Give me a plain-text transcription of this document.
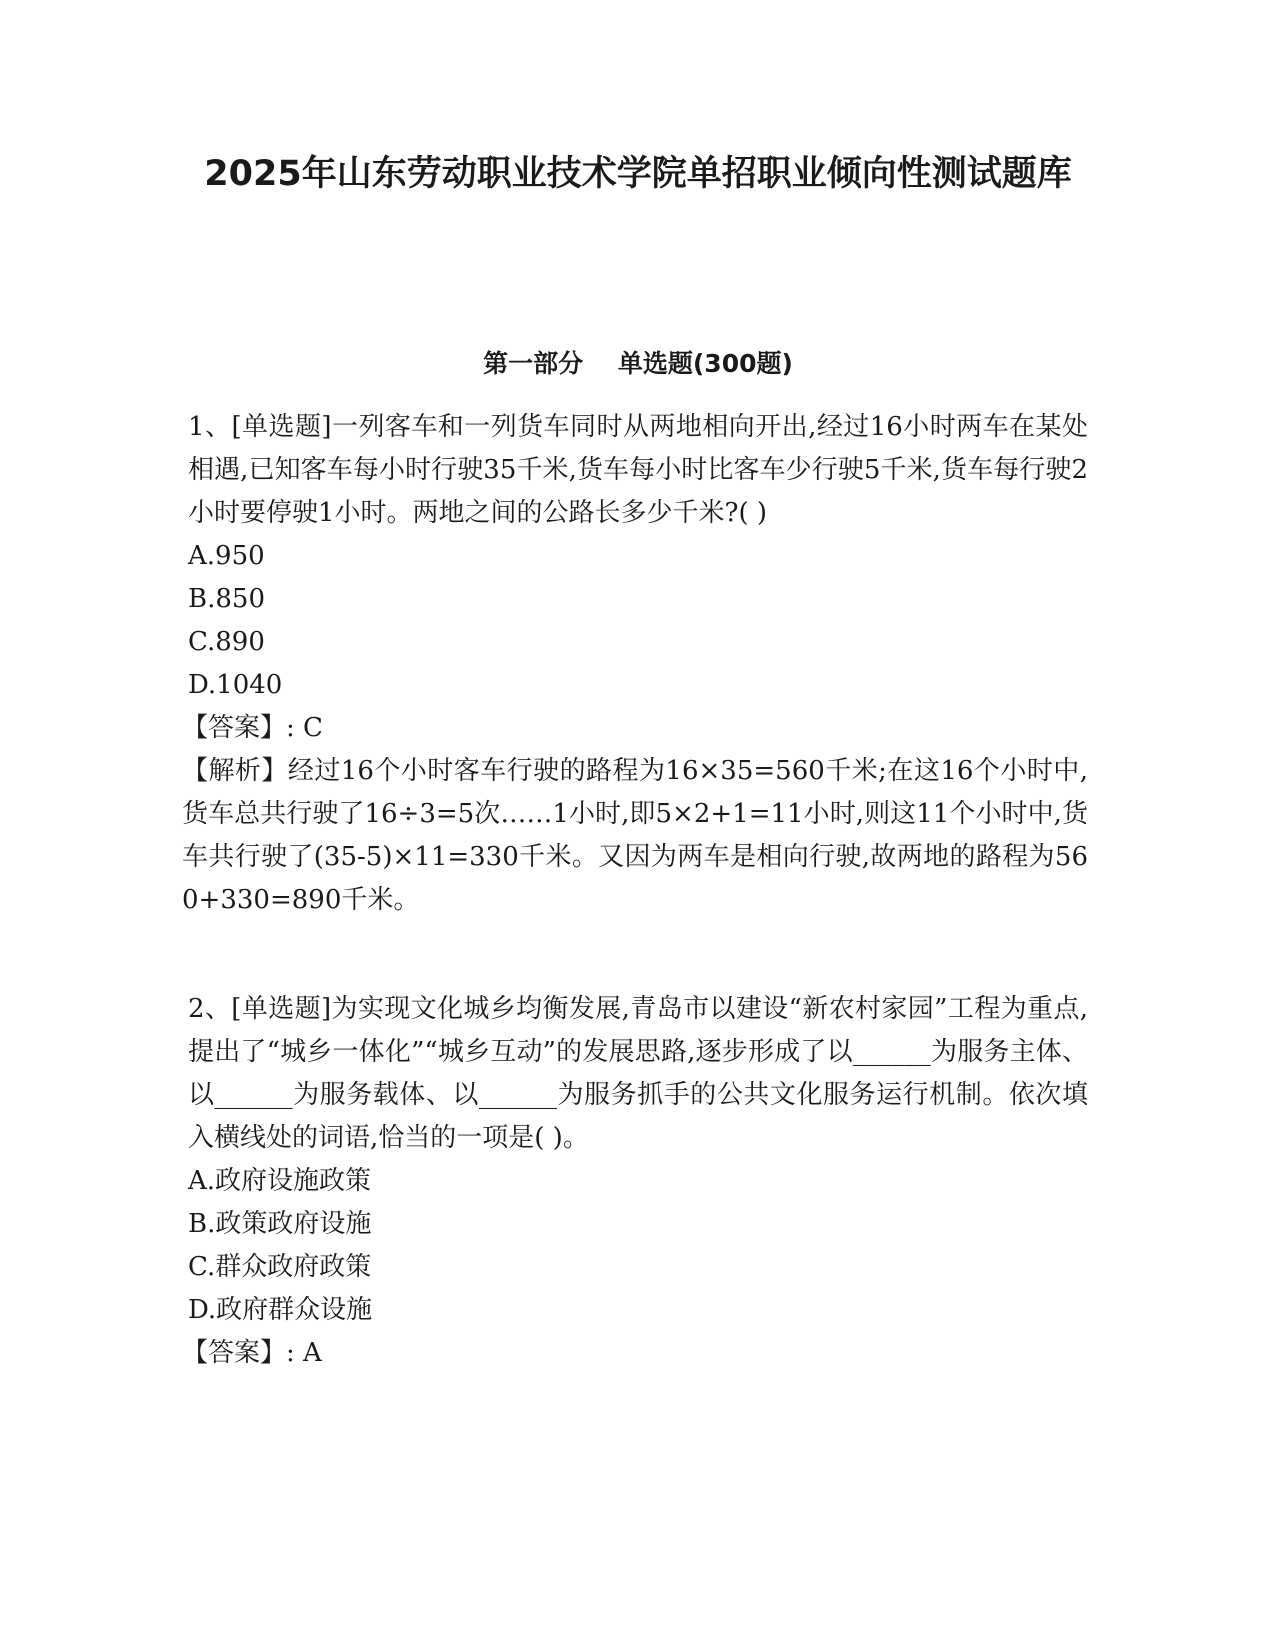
2025年山东劳动职业技术学院单招职业倾向性测试题库
第一部分    单选题(300题)

1、[单选题]一列客车和一列货车同时从两地相向开出,经过16小时两车在某处相遇,已知客车每小时行驶35千米,货车每小时比客车少行驶5千米,货车每行驶2小时要停驶1小时。两地之间的公路长多少千米?( )

A.950

B.850

C.890

D.1040

【答案】: C

【解析】经过16个小时客车行驶的路程为16×35=560千米;在这16个小时中,货车总共行驶了16÷3=5次……1小时,即5×2+1=11小时,则这11个小时中,货车共行驶了(35-5)×11=330千米。又因为两车是相向行驶,故两地的路程为560+330=890千米。

2、[单选题]为实现文化城乡均衡发展,青岛市以建设“新农村家园”工程为重点,提出了“城乡一体化”“城乡互动”的发展思路,逐步形成了以______为服务主体、以______为服务载体、以______为服务抓手的公共文化服务运行机制。依次填入横线处的词语,恰当的一项是( )。

A.政府设施政策

B.政策政府设施

C.群众政府政策

D.政府群众设施

【答案】: A
